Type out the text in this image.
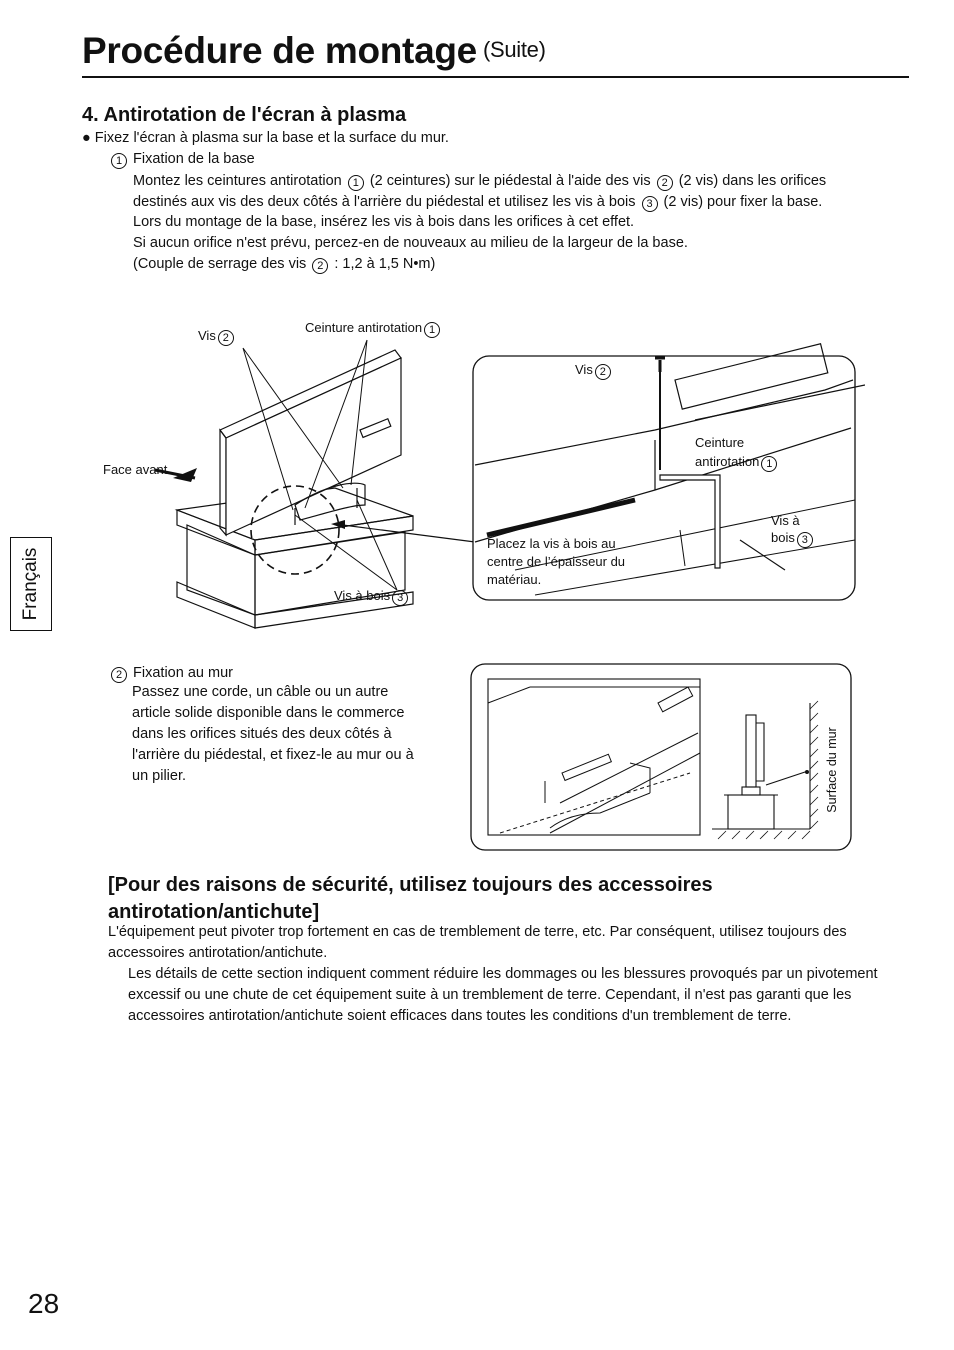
Procédure de montage (Suite)
4. Antirotation de l'écran à plasma
● Fixez l'écran à plasma sur la base et la surface du mur.
1 Fixation de la base
Montez les ceintures antirotation 1 (2 ceintures) sur le piédestal à l'aide des vis 2 (2 vis) dans les orifices
destinés aux vis des deux côtés à l'arrière du piédestal et utilisez les vis à bois 3 (2 vis) pour fixer la base.
Lors du montage de la base, insérez les vis à bois dans les orifices à cet effet.
Si aucun orifice n'est prévu, percez-en de nouveaux au milieu de la largeur de la base.
(Couple de serrage des vis 2 : 1,2 à 1,5 N•m)
Français
Vis 2
Ceinture antirotation 1
Face avant
Vis à bois 3
Vis 2
Ceinture
antirotation 1
Vis à
bois 3
Placez la vis à bois au
centre de l’épaisseur du
matériau.
2 Fixation au mur
Passez une corde, un câble ou un autre
article solide disponible dans le commerce
dans les orifices situés des deux côtés à
l'arrière du piédestal, et fixez-le au mur ou à
un pilier.	Surface du mur
[Pour des raisons de sécurité, utilisez toujours des accessoires antirotation/antichute]
L'équipement peut pivoter trop fortement en cas de tremblement de terre, etc. Par conséquent, utilisez toujours des accessoires antirotation/antichute.
Les détails de cette section indiquent comment réduire les dommages ou les blessures provoqués par un pivotement excessif ou une chute de cet équipement suite à un tremblement de terre. Cependant, il n'est pas garanti que les accessoires antirotation/antichute soient efficaces dans toutes les conditions d'un tremblement de terre.
28
